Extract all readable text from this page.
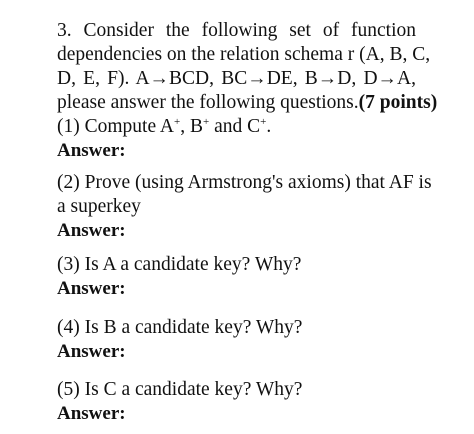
3. Consider the following set of function
dependencies on the relation schema r (A, B, C,
D, E, F). A→BCD, BC→DE, B→D, D→A,
please answer the following questions.(7 points)
(1) Compute A+, B+ and C+.
Answer:
(2) Prove (using Armstrong's axioms) that AF is
a superkey
Answer:
(3) Is A a candidate key? Why?
Answer:
(4) Is B a candidate key? Why?
Answer:
(5) Is C a candidate key? Why?
Answer:
